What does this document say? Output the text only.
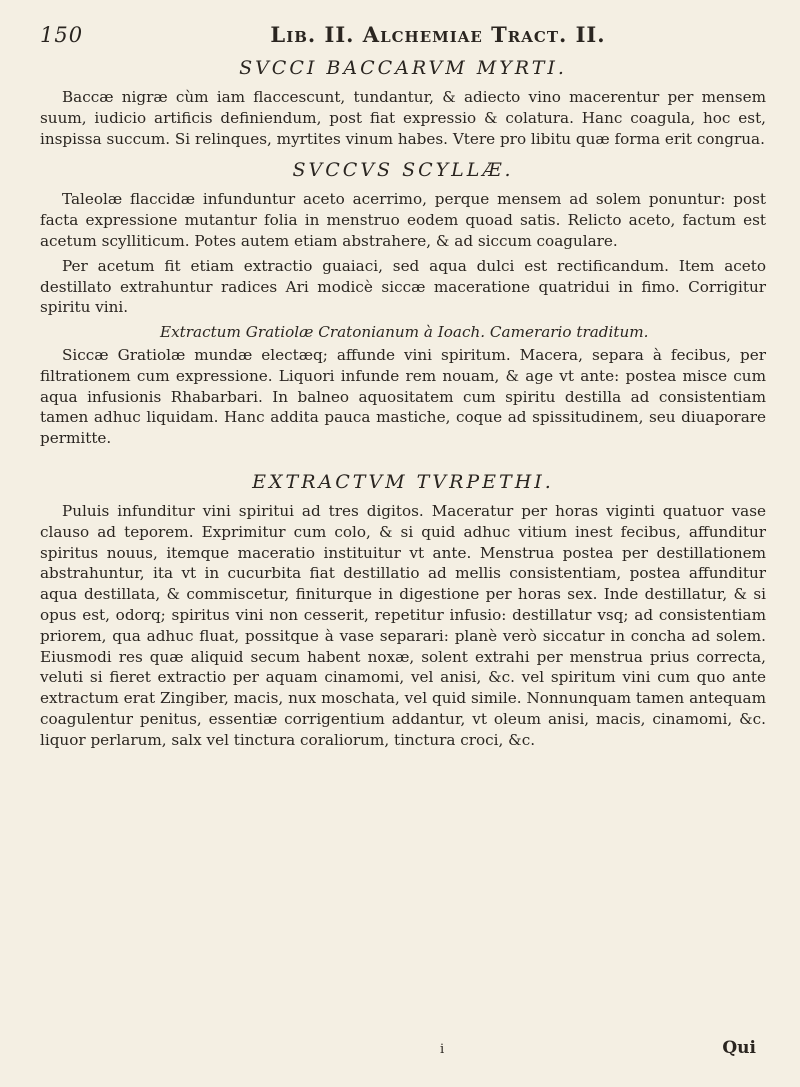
150	Lib. II. Alchemiae Tract. II.
SVCCI BACCARVM MYRTI.

Baccæ nigræ cùm iam flaccescunt, tundantur, & adiecto vino macerentur per mensem suum, iudicio artificis definiendum, post fiat expressio & colatura. Hanc coagula, hoc est, inspissa succum. Si relinques, myrtites vinum habes. Vtere pro libitu quæ forma erit congrua.

SVCCVS SCYLLÆ.

Taleolæ flaccidæ infunduntur aceto acerrimo, perque mensem ad solem ponuntur: post facta expressione mutantur folia in menstruo eodem quoad satis. Relicto aceto, factum est acetum scylliticum. Potes autem etiam abstrahere, & ad siccum coagulare.

Per acetum fit etiam extractio guaiaci, sed aqua dulci est rectificandum. Item aceto destillato extrahuntur radices Ari modicè siccæ maceratione quatridui in fimo. Corrigitur spiritu vini.

Extractum Gratiolæ Cratonianum à Ioach. Camerario traditum.

Siccæ Gratiolæ mundæ electæq; affunde vini spiritum. Macera, separa à fecibus, per filtrationem cum expressione. Liquori infunde rem nouam, & age vt ante: postea misce cum aqua infusionis Rhabarbari. In balneo aquositatem cum spiritu destilla ad consistentiam tamen adhuc liquidam. Hanc addita pauca mastiche, coque ad spissitudinem, seu diuaporare permitte.

EXTRACTVM TVRPETHI.

Puluis infunditur vini spiritui ad tres digitos. Maceratur per horas viginti quatuor vase clauso ad teporem. Exprimitur cum colo, & si quid adhuc vitium inest fecibus, affunditur spiritus nouus, itemque maceratio instituitur vt ante. Menstrua postea per destillationem abstrahuntur, ita vt in cucurbita fiat destillatio ad mellis consistentiam, postea affunditur aqua destillata, & commiscetur, finiturque in digestione per horas sex. Inde destillatur, & si opus est, odorq; spiritus vini non cesserit, repetitur infusio: destillatur vsq; ad consistentiam priorem, qua adhuc fluat, possitque à vase separari: planè verò siccatur in concha ad solem. Eiusmodi res quæ aliquid secum habent noxæ, solent extrahi per menstrua prius correcta, veluti si fieret extractio per aquam cinamomi, vel anisi, &c. vel spiritum vini cum quo ante extractum erat Zingiber, macis, nux moschata, vel quid simile. Nonnunquam tamen antequam coagulentur penitus, essentiæ corrigentium addantur, vt oleum anisi, macis, cinamomi, &c. liquor perlarum, salx vel tinctura coraliorum, tinctura croci, &c.

i	Qui
